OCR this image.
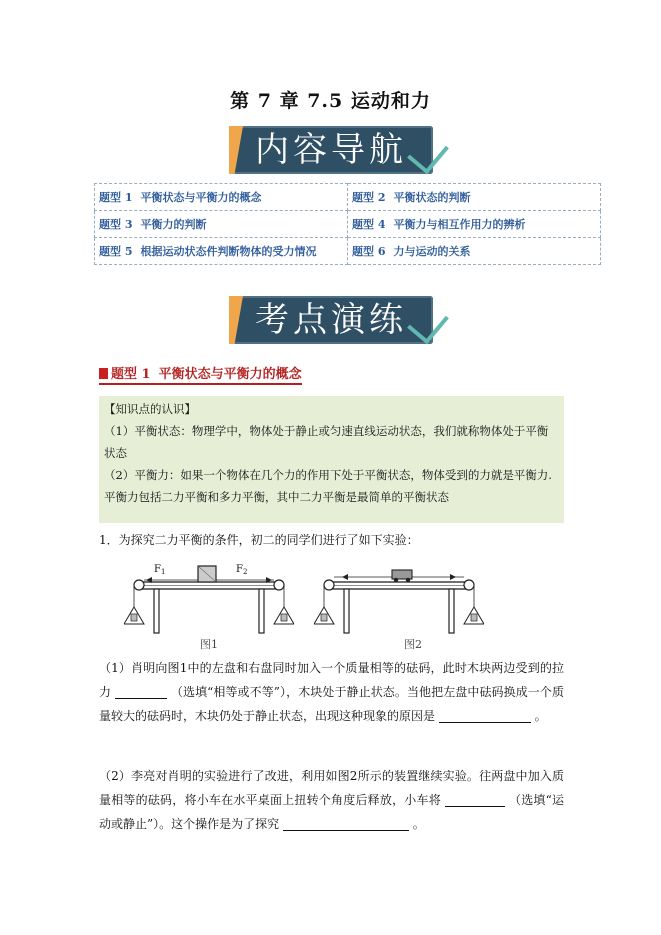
第 7 章 7.5 运动和力
内容导航
题型 1 平衡状态与平衡力的概念	题型 2 平衡状态的判断
题型 3 平衡力的判断	题型 4 平衡力与相互作用力的辨析
题型 5 根据运动状态件判断物体的受力情况	题型 6 力与运动的关系
考点演练
题型 1 平衡状态与平衡力的概念
【知识点的认识】
（1）平衡状态：物理学中，物体处于静止或匀速直线运动状态，我们就称物体处于平衡状态
（2）平衡力：如果一个物体在几个力的作用下处于平衡状态，物体受到的力就是平衡力.平衡力包括二力平衡和多力平衡，其中二力平衡是最简单的平衡状态
1．为探究二力平衡的条件，初二的同学们进行了如下实验：
$F_1$	$F_2$
图1	图2
（1）肖明向图1中的左盘和右盘同时加入一个质量相等的砝码，此时木块两边受到的拉力	（选填“相等或不等”），木块处于静止状态。当他把左盘中砝码换成一个质量较大的砝码时，木块仍处于静止状态，出现这种现象的原因是	。
（2）李亮对肖明的实验进行了改进，利用如图2所示的装置继续实验。往两盘中加入质量相等的砝码，将小车在水平桌面上扭转个角度后释放，小车将	（选填“运动或静止”）。这个操作是为了探究	。
